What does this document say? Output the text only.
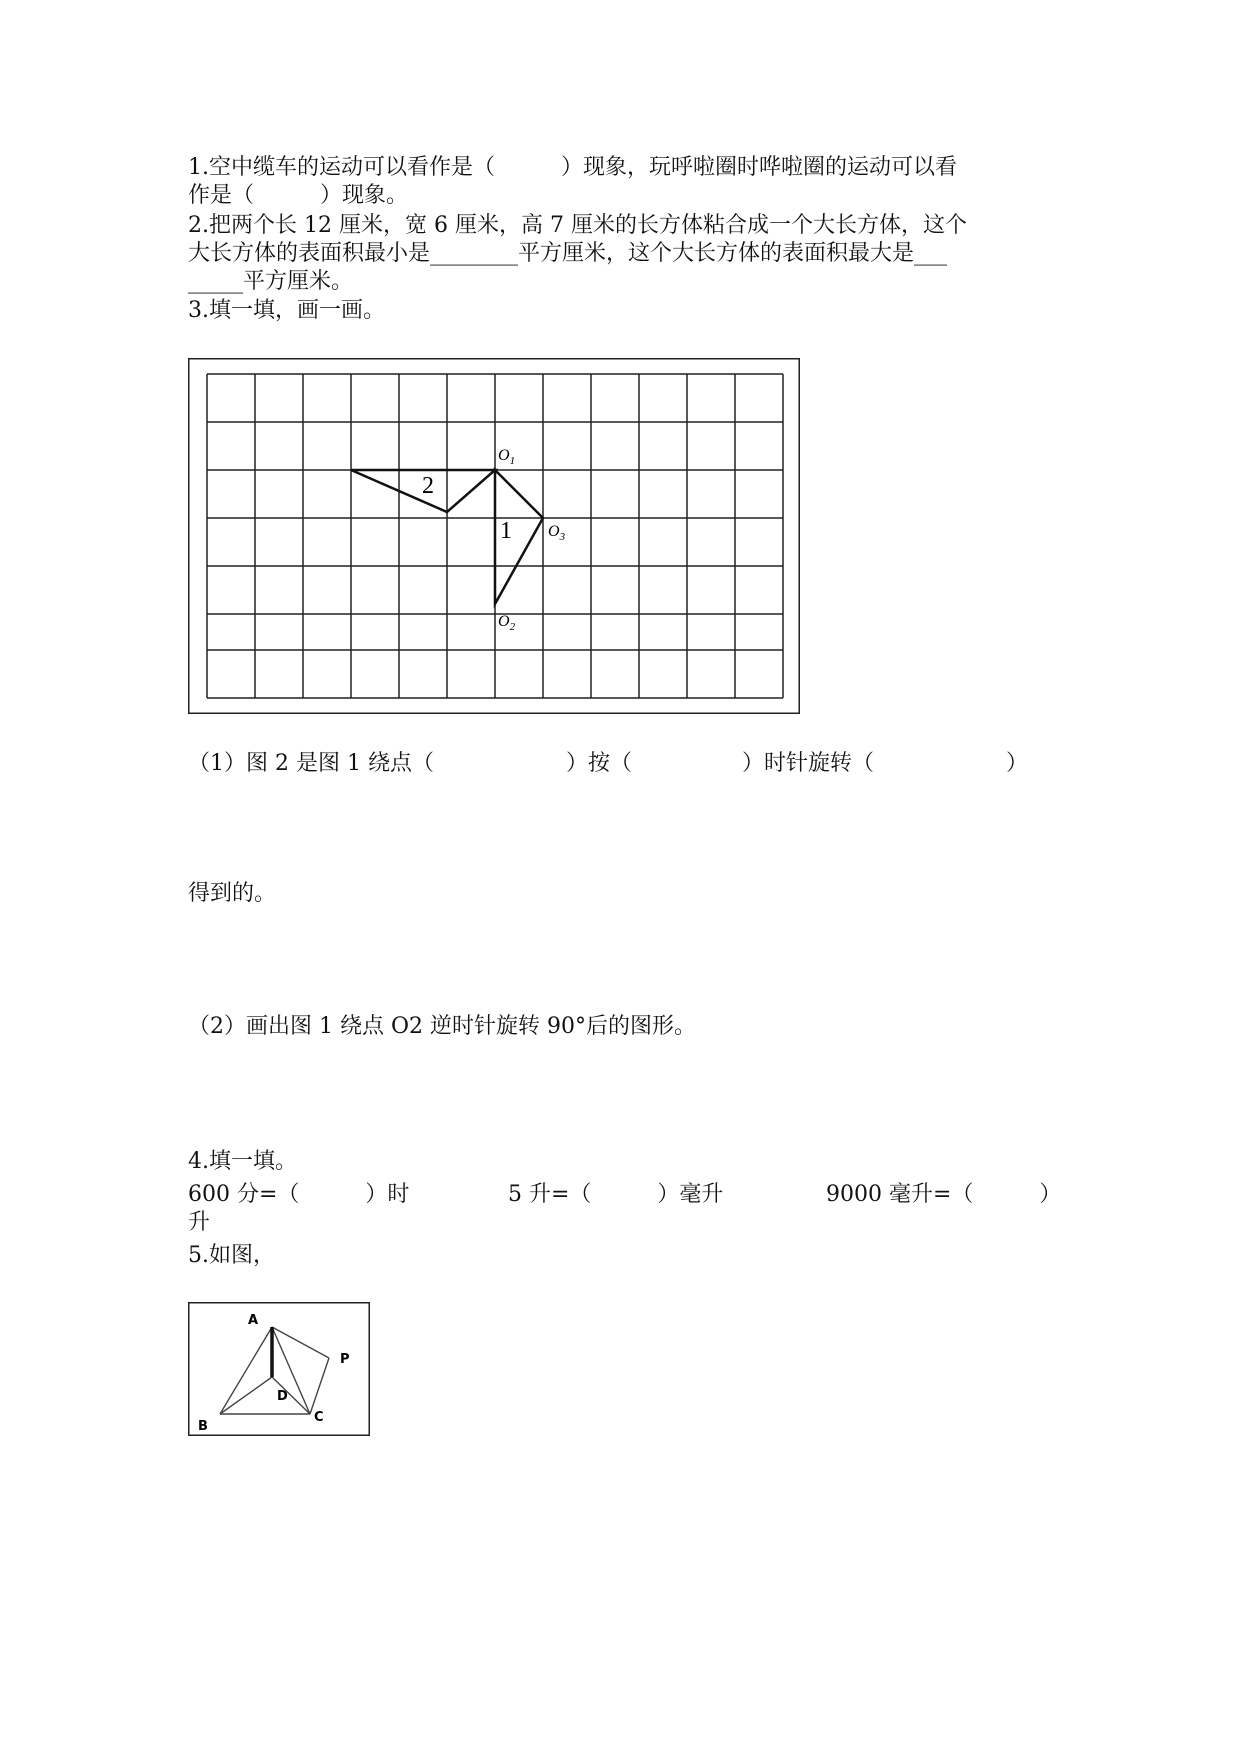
1.空中缆车的运动可以看作是（　　　）现象，玩呼啦圈时哗啦圈的运动可以看
作是（　　　）现象。
2.把两个长 12 厘米，宽 6 厘米，高 7 厘米的长方体粘合成一个大长方体，这个
大长方体的表面积最小是________平方厘米，这个大长方体的表面积最大是___
_____平方厘米。
3.填一填，画一画。
2
1
$O_1$
$O_3$
$O_2$
（1）图 2 是图 1 绕点（　　　　　　）按（　　　　　）时针旋转（　　　　　　）
得到的。
（2）画出图 1 绕点 O2 逆时针旋转 90°后的图形。
4.填一填。
600 分=（　　　）时	5 升=（　　　）毫升	9000 毫升=（　　　）
升
5.如图，
A
B
C
D
P
